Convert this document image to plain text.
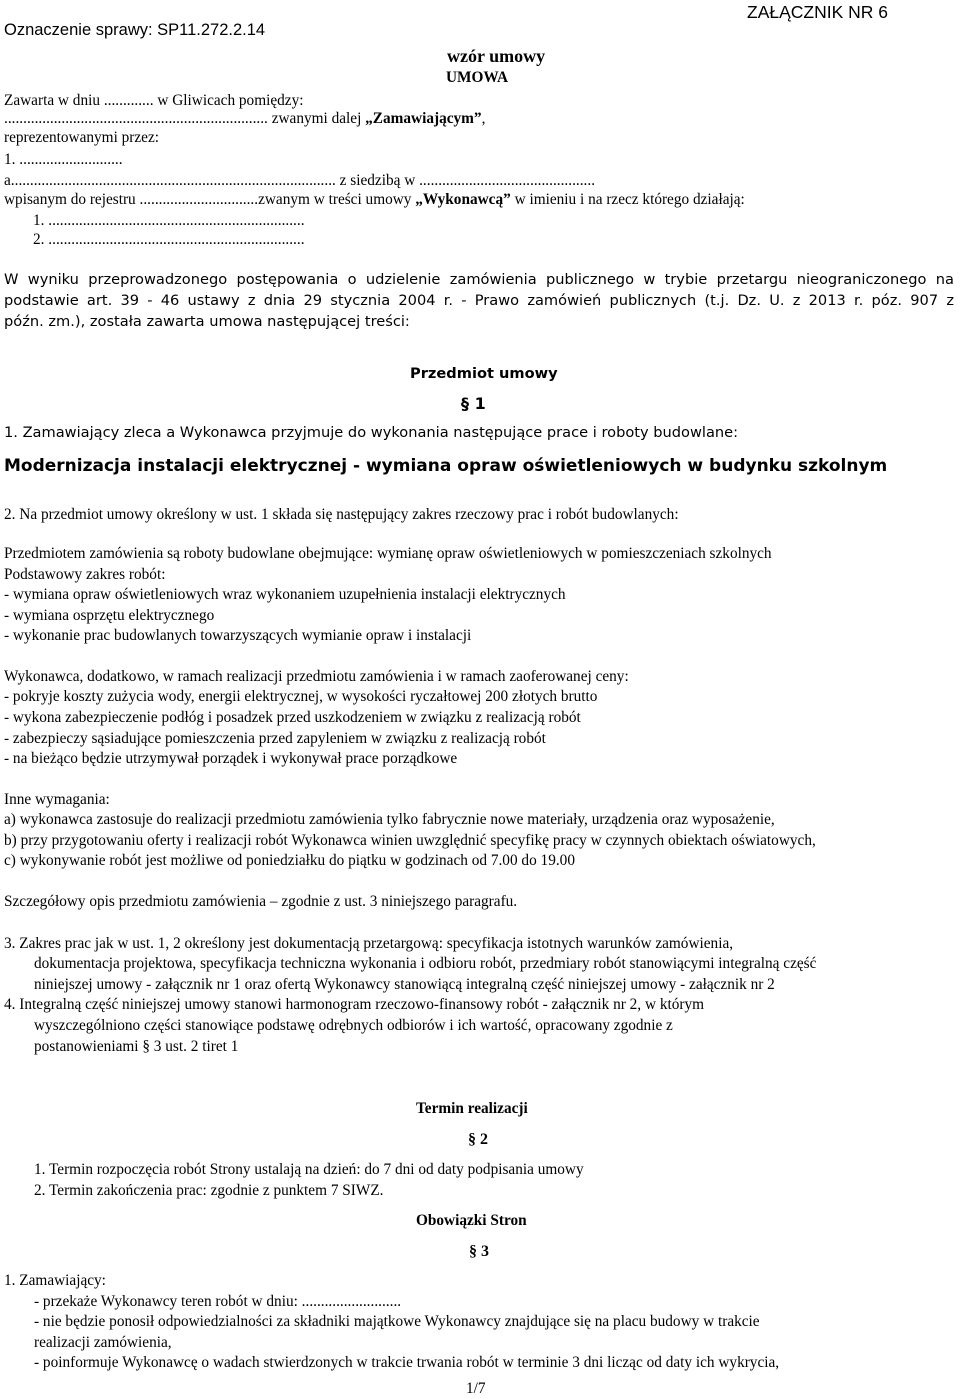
Oznaczenie sprawy: SP11.272.2.14
ZAŁĄCZNIK NR 6
wzór umowy
UMOWA
Zawarta w dniu ............. w Gliwicach pomiędzy:
..................................................................... zwanymi dalej „Zamawiającym”,
reprezentowanymi przez:
1. ...........................
a..................................................................................... z siedzibą w ..............................................
wpisanym do rejestru ...............................zwanym w treści umowy „Wykonawcą” w imieniu i na rzecz którego działają:
1. ...................................................................
2. ...................................................................
W wyniku przeprowadzonego postępowania o udzielenie zamówienia publicznego w trybie przetargu nieograniczonego na
podstawie art. 39 - 46 ustawy z dnia 29 stycznia 2004 r. - Prawo zamówień publicznych (t.j. Dz. U. z 2013 r. póz. 907 z
późn. zm.), została zawarta umowa następującej treści:
Przedmiot umowy
§ 1
1. Zamawiający zleca a Wykonawca przyjmuje do wykonania następujące prace i roboty budowlane:
Modernizacja instalacji elektrycznej - wymiana opraw oświetleniowych w budynku szkolnym
2. Na przedmiot umowy określony w ust. 1 składa się następujący zakres rzeczowy prac i robót budowlanych:
Przedmiotem zamówienia są roboty budowlane obejmujące: wymianę opraw oświetleniowych w pomieszczeniach szkolnych
Podstawowy zakres robót:
- wymiana opraw oświetleniowych wraz wykonaniem uzupełnienia instalacji elektrycznych
- wymiana osprzętu elektrycznego
- wykonanie prac budowlanych towarzyszących wymianie opraw i instalacji
Wykonawca, dodatkowo, w ramach realizacji przedmiotu zamówienia i w ramach zaoferowanej ceny:
- pokryje koszty zużycia wody, energii elektrycznej, w wysokości ryczałtowej 200 złotych brutto
- wykona zabezpieczenie podłóg i posadzek przed uszkodzeniem w związku z realizacją robót
- zabezpieczy sąsiadujące pomieszczenia przed zapyleniem w związku z realizacją robót
- na bieżąco będzie utrzymywał porządek i wykonywał prace porządkowe
Inne wymagania:
a) wykonawca zastosuje do realizacji przedmiotu zamówienia tylko fabrycznie nowe materiały, urządzenia oraz wyposażenie,
b) przy przygotowaniu oferty i realizacji robót Wykonawca winien uwzględnić specyfikę pracy w czynnych obiektach oświatowych,
c) wykonywanie robót jest możliwe od poniedziałku do piątku w godzinach od 7.00 do 19.00
Szczegółowy opis przedmiotu zamówienia – zgodnie z ust. 3 niniejszego paragrafu.
3. Zakres prac jak w ust. 1, 2 określony jest dokumentacją przetargową: specyfikacja istotnych warunków zamówienia,
dokumentacja projektowa, specyfikacja techniczna wykonania i odbioru robót, przedmiary robót stanowiącymi integralną część
niniejszej umowy - załącznik nr 1 oraz ofertą Wykonawcy stanowiącą integralną część niniejszej umowy - załącznik nr 2
4. Integralną część niniejszej umowy stanowi harmonogram rzeczowo-finansowy robót - załącznik nr 2, w którym
wyszczególniono części stanowiące podstawę odrębnych odbiorów i ich wartość, opracowany zgodnie z
postanowieniami § 3 ust. 2 tiret 1
Termin realizacji
§ 2
1. Termin rozpoczęcia robót Strony ustalają na dzień: do 7 dni od daty podpisania umowy
2. Termin zakończenia prac: zgodnie z punktem 7 SIWZ.
Obowiązki Stron
§ 3
1. Zamawiający:
- przekaże Wykonawcy teren robót w dniu: ..........................
- nie będzie ponosił odpowiedzialności za składniki majątkowe Wykonawcy znajdujące się na placu budowy w trakcie
realizacji zamówienia,
- poinformuje Wykonawcę o wadach stwierdzonych w trakcie trwania robót w terminie 3 dni licząc od daty ich wykrycia,
1/7
